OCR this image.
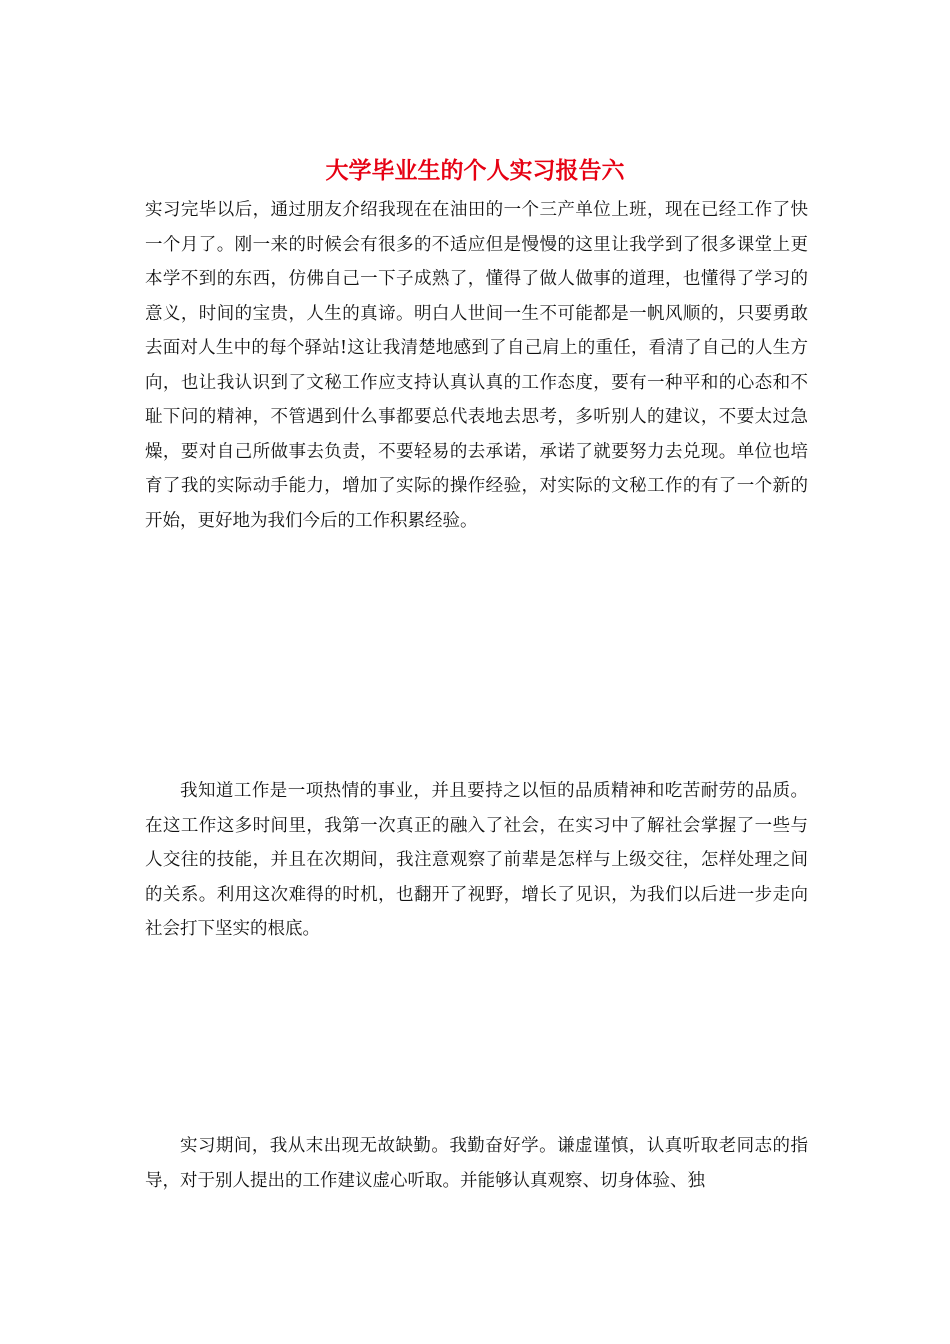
大学毕业生的个人实习报告六

实习完毕以后，通过朋友介绍我现在在油田的一个三产单位上班，现在已经工作了快一个月了。刚一来的时候会有很多的不适应但是慢慢的这里让我学到了很多课堂上更本学不到的东西，仿佛自己一下子成熟了，懂得了做人做事的道理，也懂得了学习的意义，时间的宝贵，人生的真谛。明白人世间一生不可能都是一帆风顺的，只要勇敢去面对人生中的每个驿站!这让我清楚地感到了自己肩上的重任，看清了自己的人生方向，也让我认识到了文秘工作应支持认真认真的工作态度，要有一种平和的心态和不耻下问的精神，不管遇到什么事都要总代表地去思考，多听别人的建议，不要太过急燥，要对自己所做事去负责，不要轻易的去承诺，承诺了就要努力去兑现。单位也培育了我的实际动手能力，增加了实际的操作经验，对实际的文秘工作的有了一个新的开始，更好地为我们今后的工作积累经验。

我知道工作是一项热情的事业，并且要持之以恒的品质精神和吃苦耐劳的品质。在这工作这多时间里，我第一次真正的融入了社会，在实习中了解社会掌握了一些与人交往的技能，并且在次期间，我注意观察了前辈是怎样与上级交往，怎样处理之间的关系。利用这次难得的时机，也翻开了视野，增长了见识，为我们以后进一步走向社会打下坚实的根底。

实习期间，我从末出现无故缺勤。我勤奋好学。谦虚谨慎，认真听取老同志的指导，对于别人提出的工作建议虚心听取。并能够认真观察、切身体验、独
